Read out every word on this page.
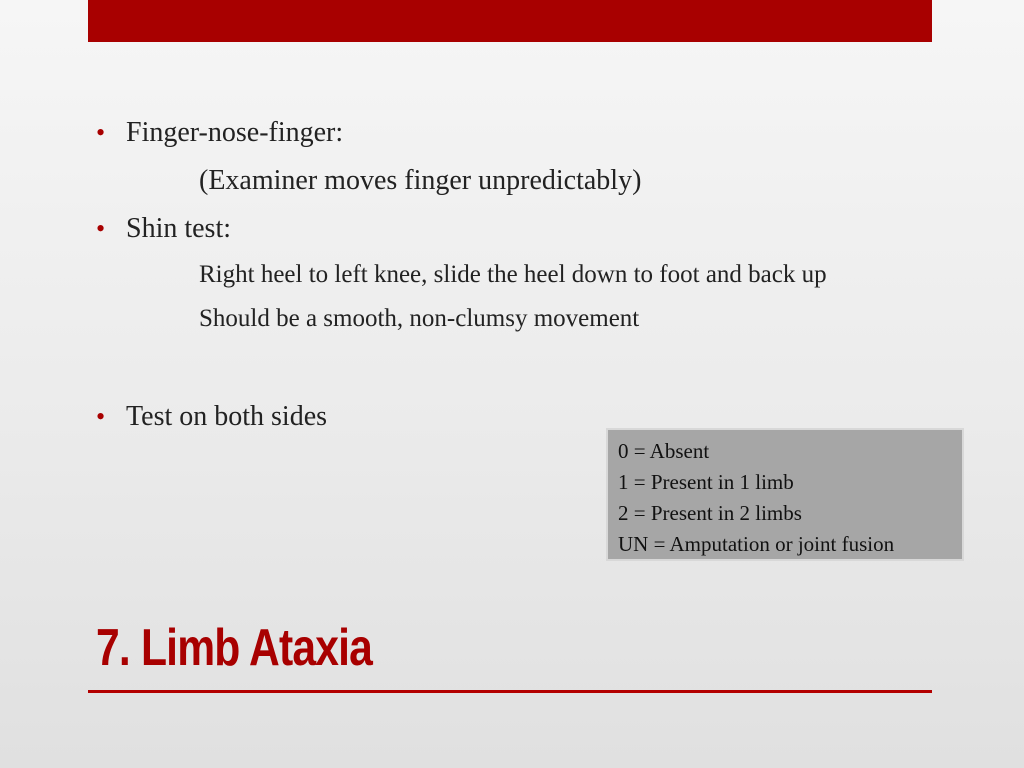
• Finger-nose-finger:
(Examiner moves finger unpredictably)
• Shin test:
Right heel to left knee, slide the heel down to foot and back up
Should be a smooth, non-clumsy movement
• Test on both sides
0 = Absent
1 = Present in 1 limb
2 = Present in 2 limbs
UN = Amputation or joint fusion
7. Limb Ataxia
